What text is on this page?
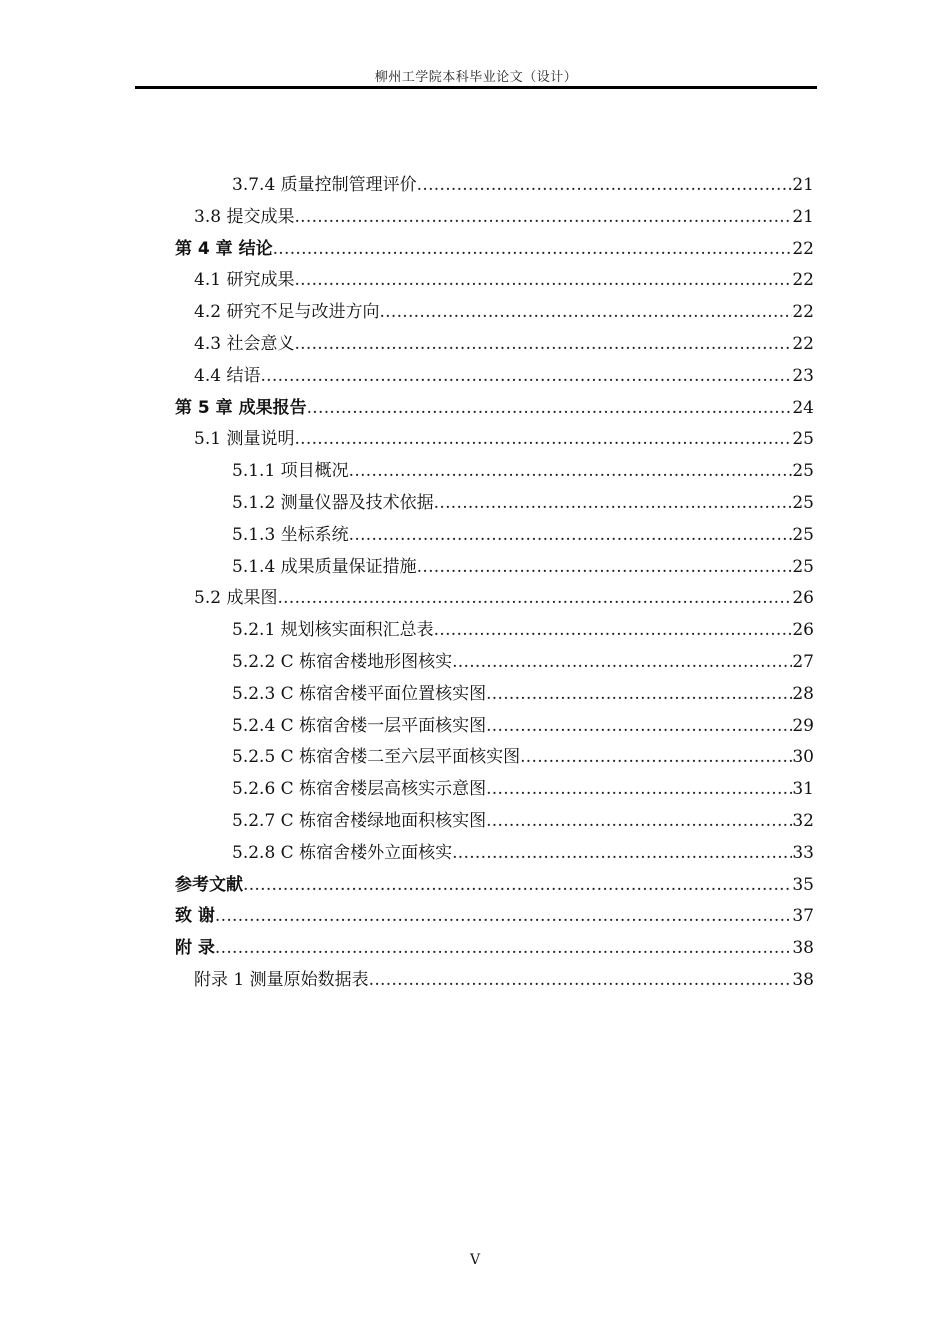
柳州工学院本科毕业论文（设计）
3.7.4 质量控制管理评价 .....	21
3.8 提交成果 .....	21
第 4 章 结论 .....	22
4.1 研究成果 .....	22
4.2 研究不足与改进方向 .....	22
4.3 社会意义 .....	22
4.4 结语 .....	23
第 5 章 成果报告 .....	24
5.1 测量说明 .....	25
5.1.1 项目概况 .....	25
5.1.2 测量仪器及技术依据 .....	25
5.1.3 坐标系统 .....	25
5.1.4 成果质量保证措施 .....	25
5.2 成果图 .....	26
5.2.1 规划核实面积汇总表 .....	26
5.2.2 C 栋宿舍楼地形图核实 .....	27
5.2.3 C 栋宿舍楼平面位置核实图 .....	28
5.2.4 C 栋宿舍楼一层平面核实图 .....	29
5.2.5 C 栋宿舍楼二至六层平面核实图 .....	30
5.2.6 C 栋宿舍楼层高核实示意图 .....	31
5.2.7 C 栋宿舍楼绿地面积核实图 .....	32
5.2.8 C 栋宿舍楼外立面核实 .....	33
参考文献 .....	35
致 谢 .....	37
附 录 .....	38
附录 1 测量原始数据表 .....	38
V
